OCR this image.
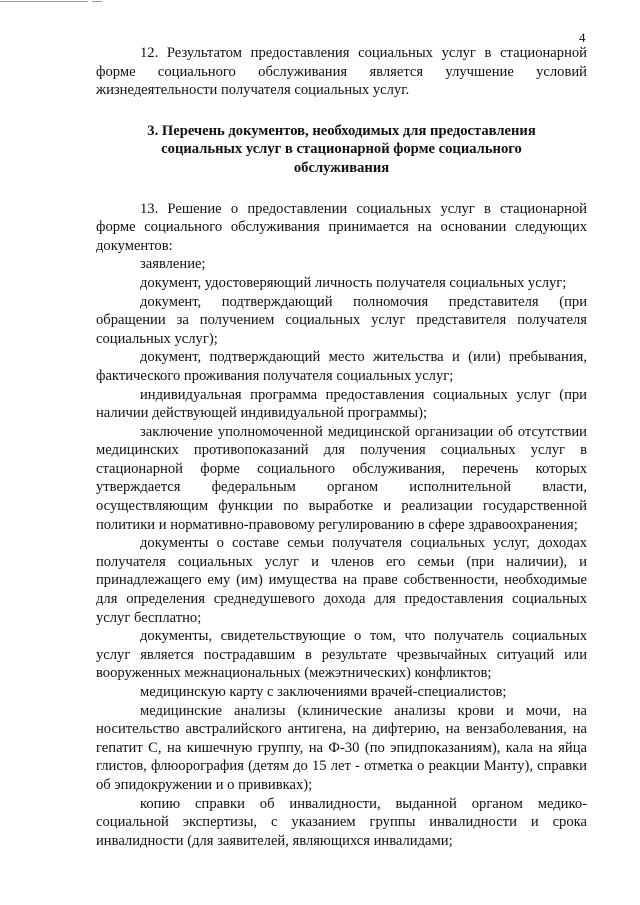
4

12. Результатом предоставления социальных услуг в стационарной форме социального обслуживания является улучшение условий жизнедеятельности получателя социальных услуг.

3. Перечень документов, необходимых для предоставления социальных услуг в стационарной форме социального обслуживания

13. Решение о предоставлении социальных услуг в стационарной форме социального обслуживания принимается на основании следующих документов:

заявление;

документ, удостоверяющий личность получателя социальных услуг;

документ, подтверждающий полномочия представителя (при обращении за получением социальных услуг представителя получателя социальных услуг);

документ, подтверждающий место жительства и (или) пребывания, фактического проживания получателя социальных услуг;

индивидуальная программа предоставления социальных услуг (при наличии действующей индивидуальной программы);

заключение уполномоченной медицинской организации об отсутствии медицинских противопоказаний для получения социальных услуг в стационарной форме социального обслуживания, перечень которых утверждается федеральным органом исполнительной власти, осуществляющим функции по выработке и реализации государственной политики и нормативно-правовому регулированию в сфере здравоохранения;

документы о составе семьи получателя социальных услуг, доходах получателя социальных услуг и членов его семьи (при наличии), и принадлежащего ему (им) имущества на праве собственности, необходимые для определения среднедушевого дохода для предоставления социальных услуг бесплатно;

документы, свидетельствующие о том, что получатель социальных услуг является пострадавшим в результате чрезвычайных ситуаций или вооруженных межнациональных (межэтнических) конфликтов;

медицинскую карту с заключениями врачей-специалистов;

медицинские анализы (клинические анализы крови и мочи, на носительство австралийского антигена, на дифтерию, на вензаболевания, на гепатит С, на кишечную группу, на Ф-30 (по эпидпоказаниям), кала на яйца глистов, флюорография (детям до 15 лет - отметка о реакции Манту), справки об эпидокружении и о прививках);

копию справки об инвалидности, выданной органом медико-социальной экспертизы, с указанием группы инвалидности и срока инвалидности (для заявителей, являющихся инвалидами;
